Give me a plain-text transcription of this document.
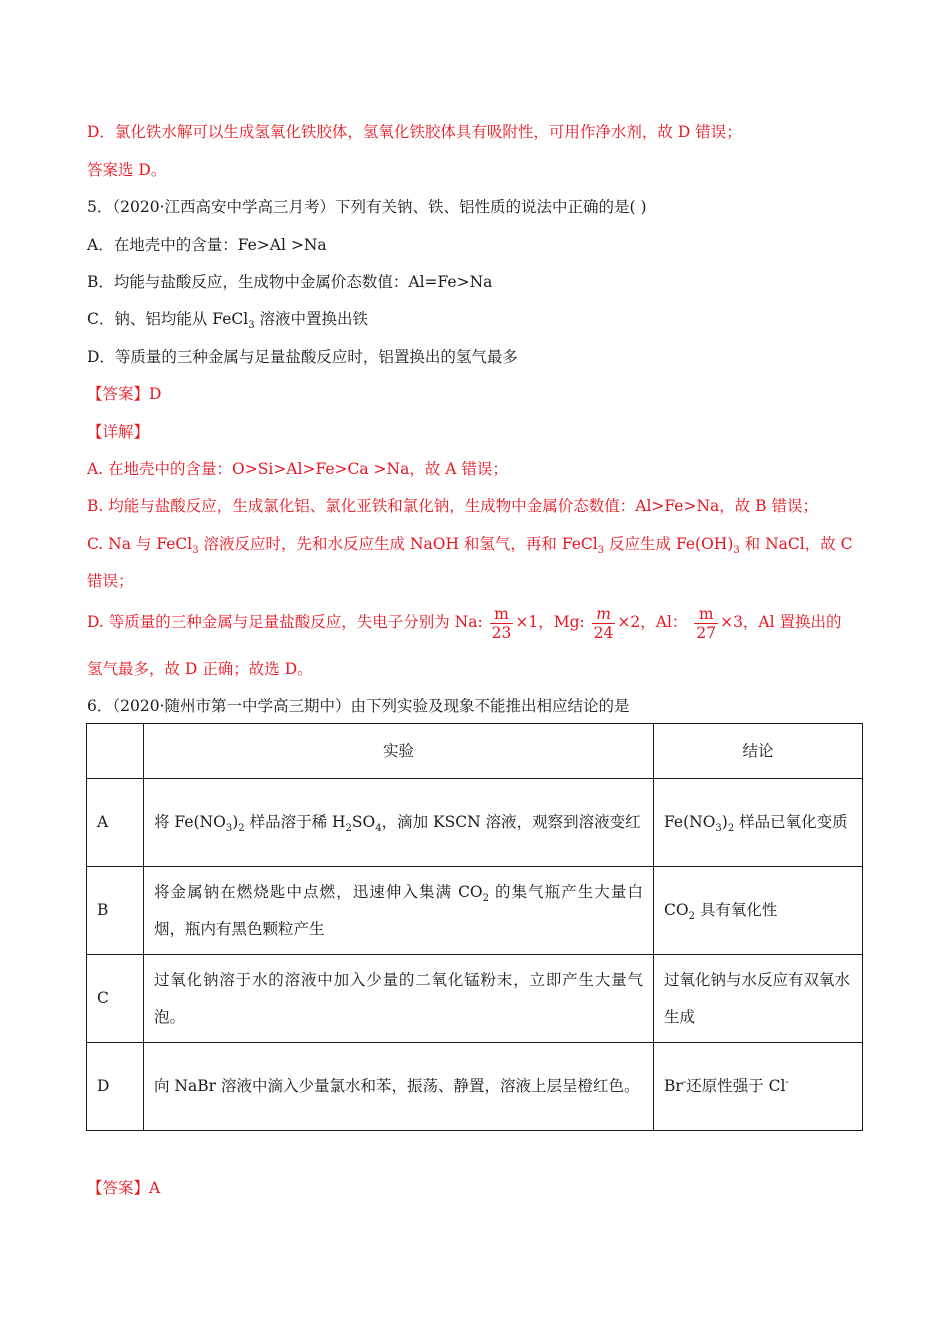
D．氯化铁水解可以生成氢氧化铁胶体，氢氧化铁胶体具有吸附性，可用作净水剂，故 D 错误；
答案选 D。
5．（2020·江西高安中学高三月考）下列有关钠、铁、铝性质的说法中正确的是( )
A．在地壳中的含量：Fe>Al >Na
B．均能与盐酸反应，生成物中金属价态数值：Al=Fe>Na
C．钠、铝均能从 FeCl$_3$ 溶液中置换出铁
D．等质量的三种金属与足量盐酸反应时，铝置换出的氢气最多
【答案】D
【详解】
A. 在地壳中的含量：O>Si>Al>Fe>Ca >Na，故 A 错误；
B. 均能与盐酸反应，生成氯化铝、氯化亚铁和氯化钠，生成物中金属价态数值：Al>Fe>Na，故 B 错误；
C. Na 与 FeCl$_3$ 溶液反应时，先和水反应生成 NaOH 和氢气，再和 FeCl$_3$ 反应生成 $Fe(OH)_3$ 和 NaCl，故 C
错误；
D. 等质量的三种金属与足量盐酸反应，失电子分别为 Na: $\frac{m}{23} \times 1$，Mg: $\frac{m}{24} \times 2$，Al： $\frac{m}{27} \times 3$，Al 置换出的
氢气最多，故 D 正确；故选 D。
6．（2020·随州市第一中学高三期中）由下列实验及现象不能推出相应结论的是
	实验	结论
A	将 $Fe(NO_3)_2$ 样品溶于稀 $H_2SO_4$，滴加 KSCN 溶液，观察到溶液变红	$Fe(NO_3)_2$ 样品已氧化变质
B	将金属钠在燃烧匙中点燃，迅速伸入集满 $CO_2$ 的集气瓶产生大量白烟，瓶内有黑色颗粒产生	$CO_2$ 具有氧化性
C	过氧化钠溶于水的溶液中加入少量的二氧化锰粉末，立即产生大量气泡。	过氧化钠与水反应有双氧水生成
D	向 NaBr 溶液中滴入少量氯水和苯，振荡、静置，溶液上层呈橙红色。	Br-还原性强于 Cl-
【答案】A
